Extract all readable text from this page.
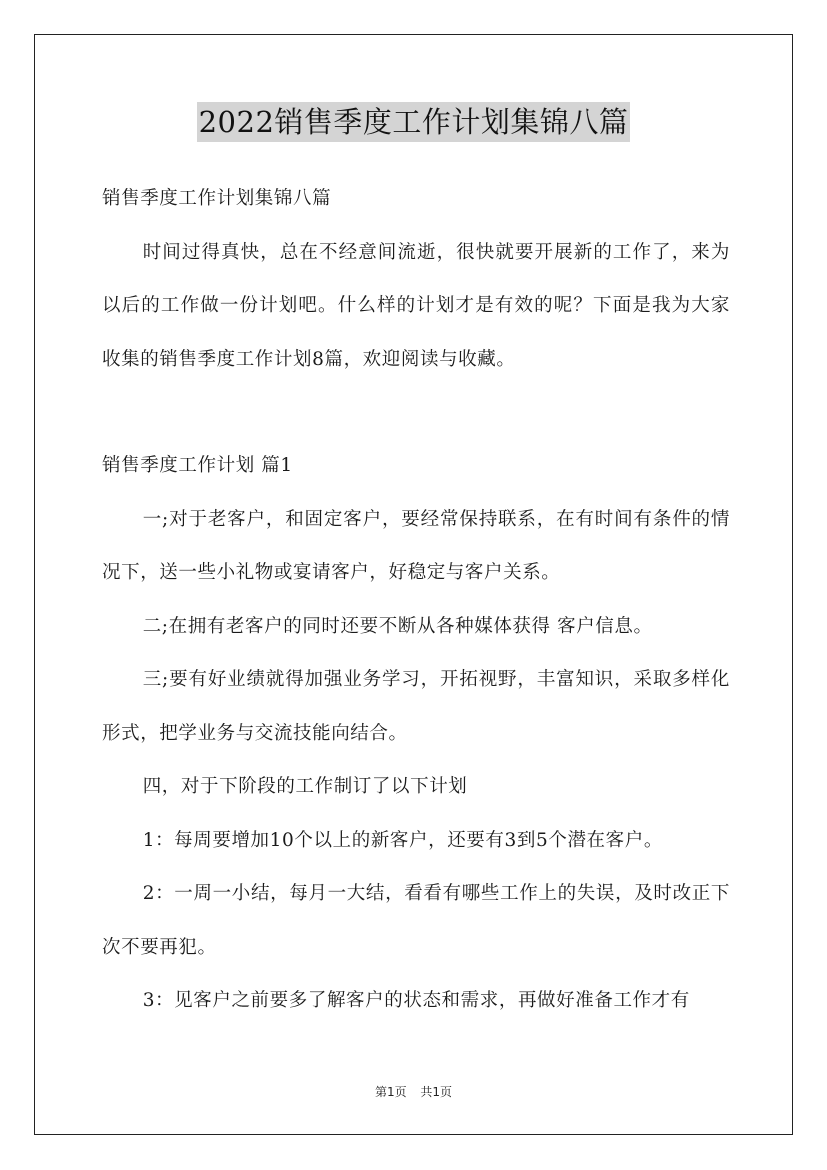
2022销售季度工作计划集锦八篇

销售季度工作计划集锦八篇

时间过得真快，总在不经意间流逝，很快就要开展新的工作了，来为以后的工作做一份计划吧。什么样的计划才是有效的呢？下面是我为大家收集的销售季度工作计划8篇，欢迎阅读与收藏。

销售季度工作计划 篇1

一;对于老客户，和固定客户，要经常保持联系，在有时间有条件的情况下，送一些小礼物或宴请客户，好稳定与客户关系。

二;在拥有老客户的同时还要不断从各种媒体获得 客户信息。

三;要有好业绩就得加强业务学习，开拓视野，丰富知识，采取多样化形式，把学业务与交流技能向结合。

四，对于下阶段的工作制订了以下计划

1：每周要增加10个以上的新客户，还要有3到5个潜在客户。

2：一周一小结，每月一大结，看看有哪些工作上的失误，及时改正下次不要再犯。

3：见客户之前要多了解客户的状态和需求，再做好准备工作才有

第1页 共1页
